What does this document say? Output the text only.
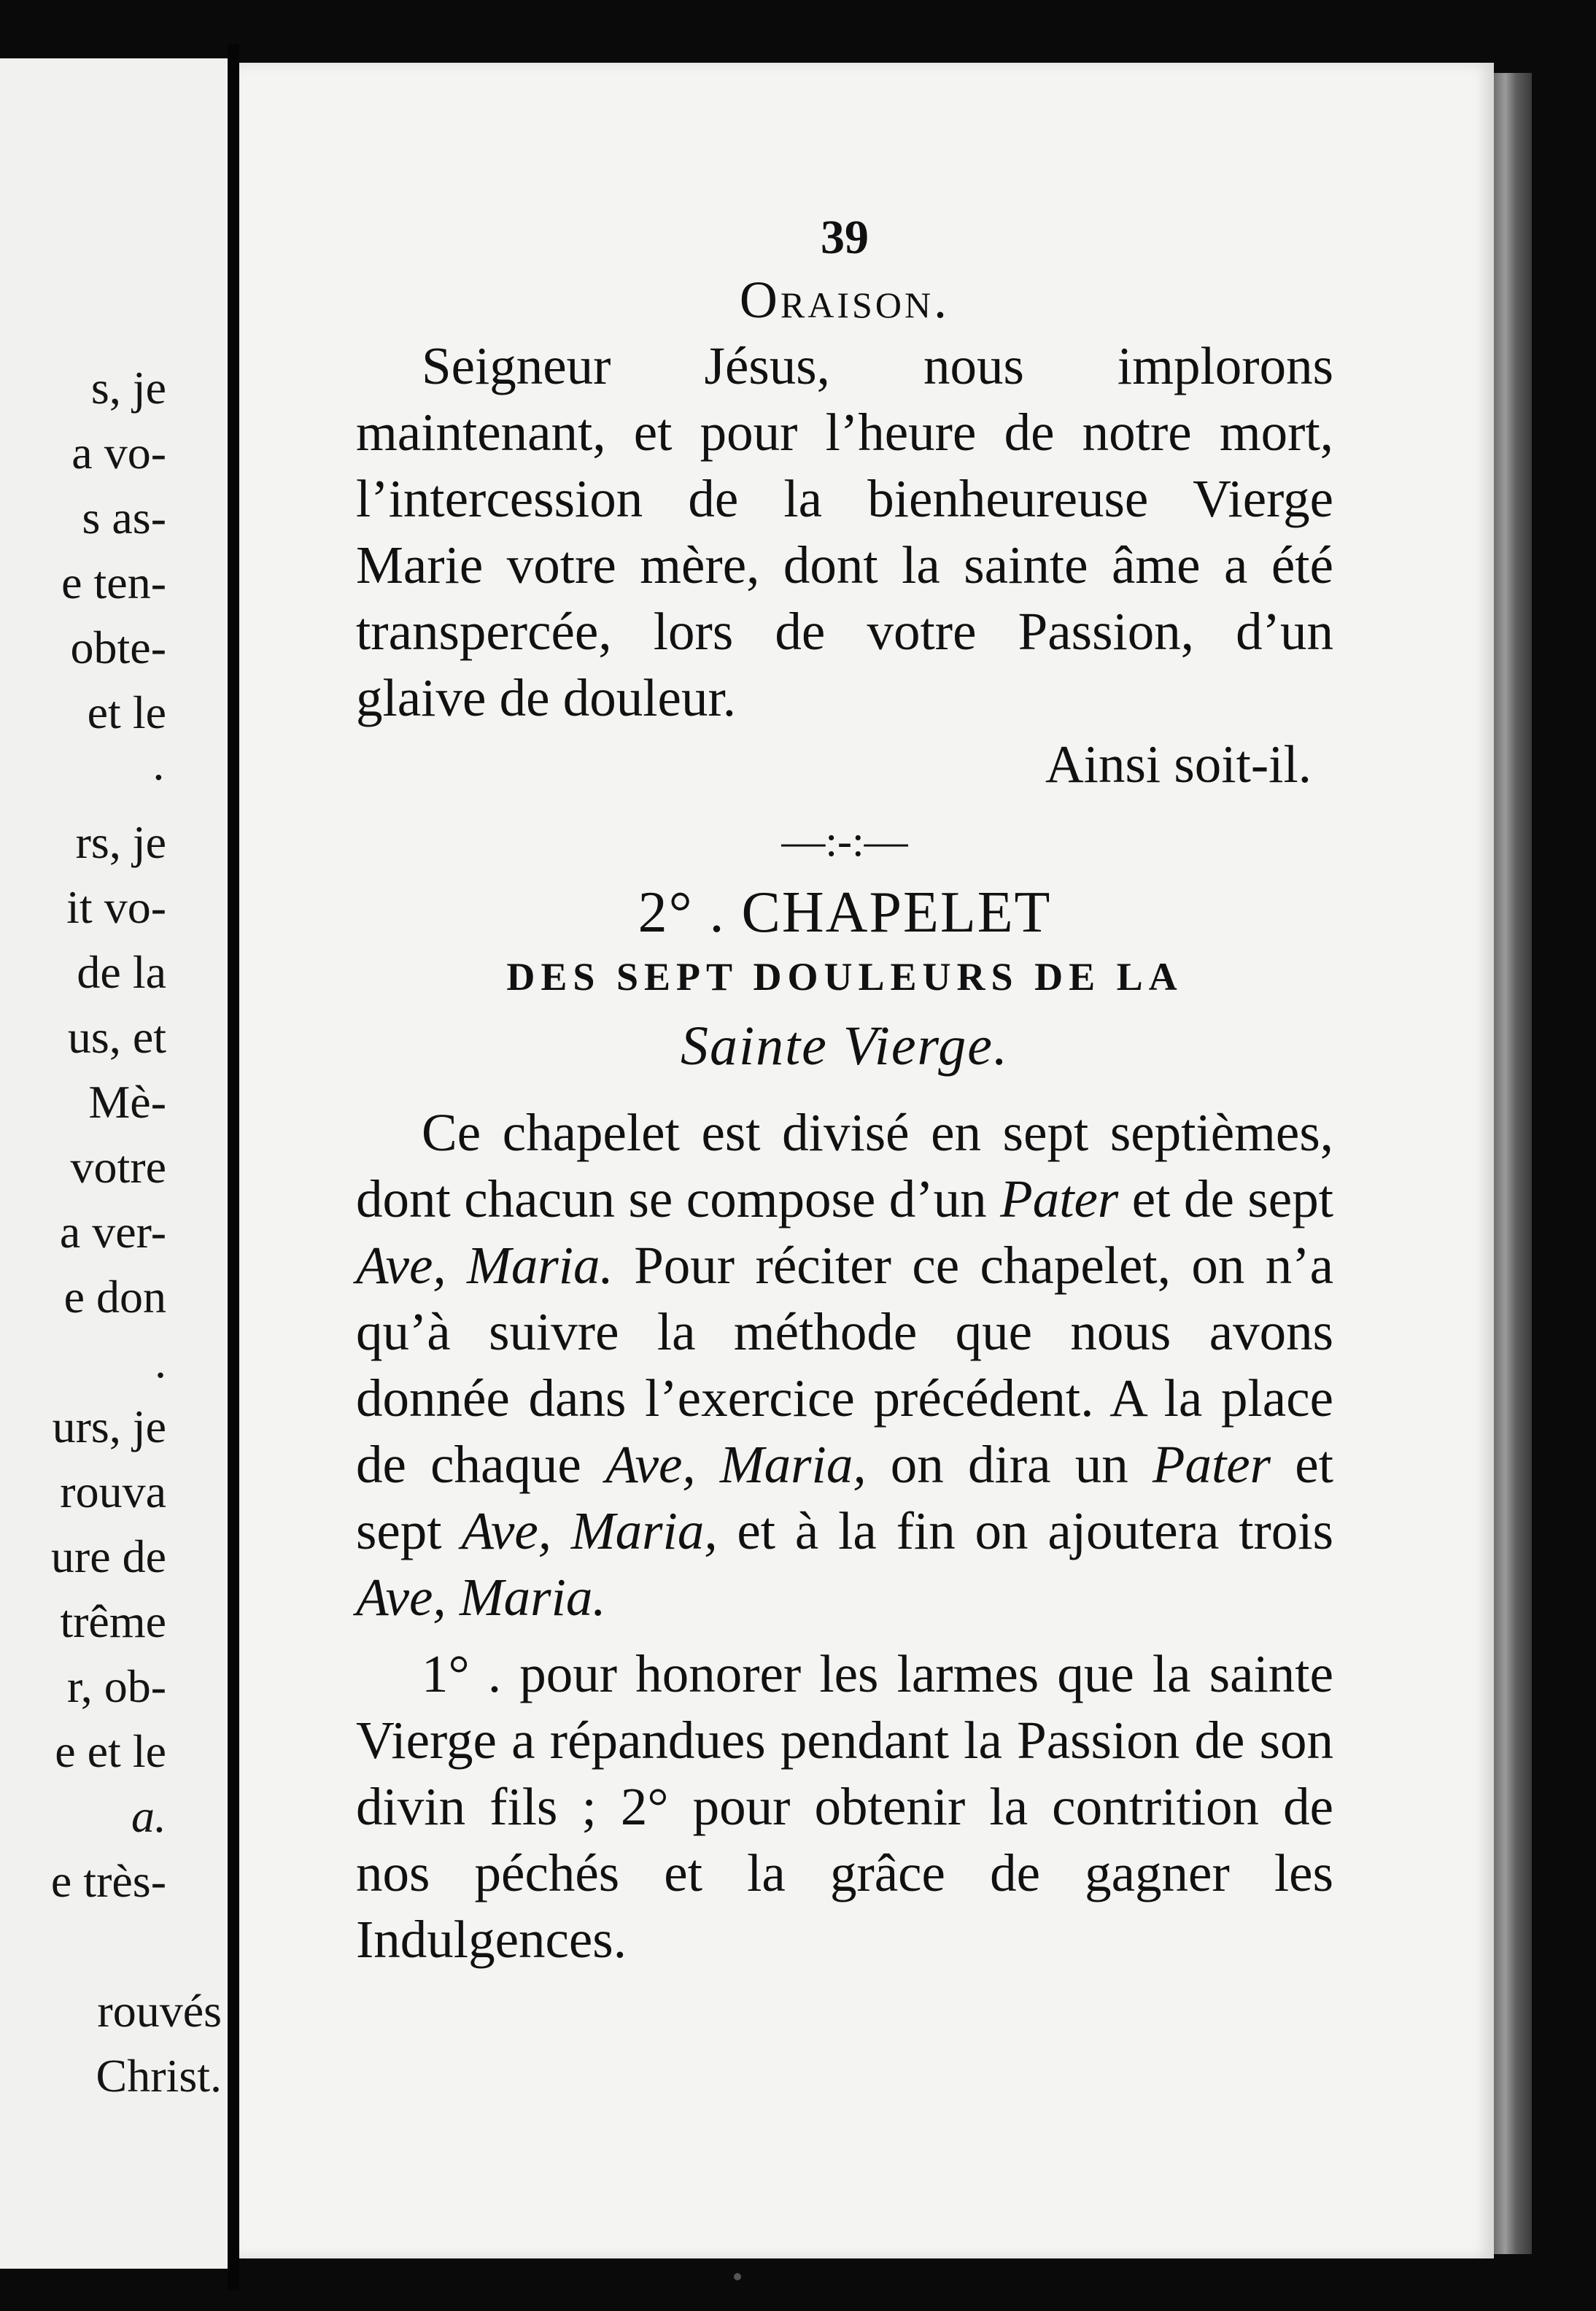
s, je
a vo-
s as-
e ten-
obte-
et le
·
rs, je
it vo-
de la
us, et
Mè-
votre
a ver-
e don
.
urs, je
rouva
ure de
trême
r, ob-
e et le
a.
e très-
rouvés
Christ.
39
Oraison.

Seigneur Jésus, nous implorons maintenant, et pour l’heure de notre mort, l’intercession de la bienheureuse Vierge Marie votre mère, dont la sainte âme a été transpercée, lors de votre Passion, d’un glaive de douleur.

Ainsi soit-il.

—:-:—
2° . CHAPELET
DES SEPT DOULEURS DE LA
Sainte Vierge.

Ce chapelet est divisé en sept septièmes, dont chacun se compose d’un Pater et de sept Ave, Maria. Pour réciter ce chapelet, on n’a qu’à suivre la méthode que nous avons donnée dans l’exercice précédent. A la place de chaque Ave, Maria, on dira un Pater et sept Ave, Maria, et à la fin on ajoutera trois Ave, Maria.

1° . pour honorer les larmes que la sainte Vierge a répandues pendant la Passion de son divin fils ; 2° pour obtenir la contrition de nos péchés et la grâce de gagner les Indulgences.
